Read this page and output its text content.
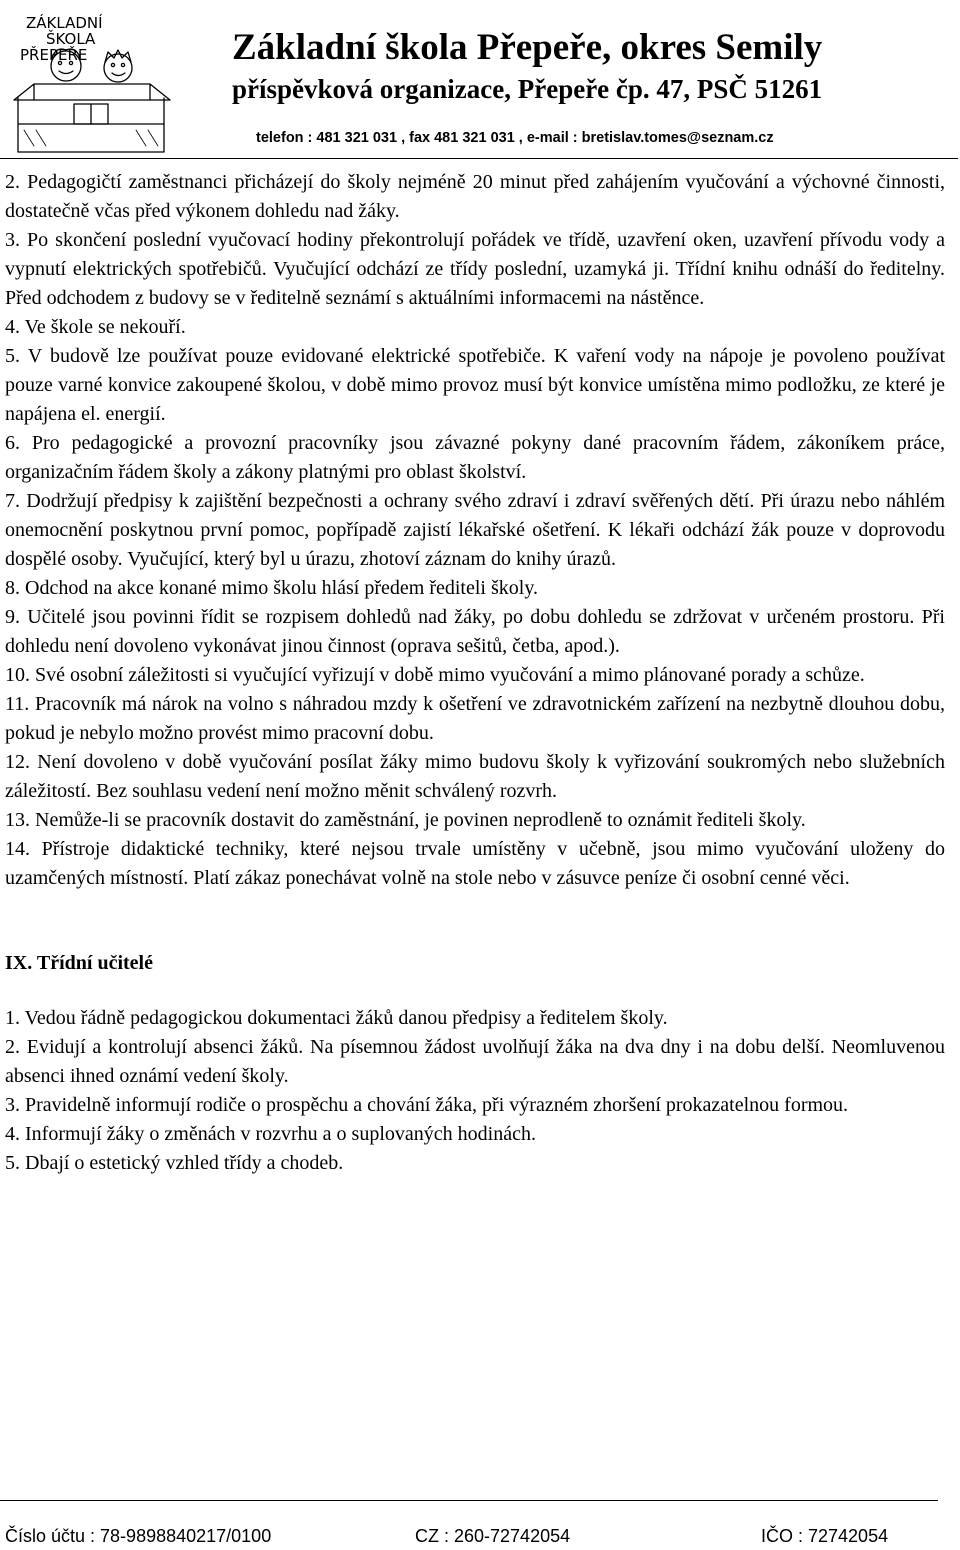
ZÁKLADNÍ
ŠKOLA
PŘEPEŘE	Základní škola Přepeře, okres Semily
příspěvková organizace, Přepeře čp. 47, PSČ 51261
telefon : 481 321 031 , fax 481 321 031 , e-mail : bretislav.tomes@seznam.cz

2. Pedagogičtí zaměstnanci přicházejí do školy nejméně 20 minut před zahájením vyučování a výchovné činnosti, dostatečně včas před výkonem dohledu nad žáky.

3. Po skončení poslední vyučovací hodiny překontrolují pořádek ve třídě, uzavření oken, uzavření přívodu vody a vypnutí elektrických spotřebičů. Vyučující odchází ze třídy poslední, uzamyká ji. Třídní knihu odnáší do ředitelny. Před odchodem z budovy se v ředitelně seznámí s aktuálními informacemi na nástěnce.

4. Ve škole se nekouří.

5. V budově lze používat pouze evidované elektrické spotřebiče. K vaření vody na nápoje je povoleno používat pouze varné konvice zakoupené školou, v době mimo provoz musí být konvice umístěna mimo podložku, ze které je napájena el. energií.

6. Pro pedagogické a provozní pracovníky jsou závazné pokyny dané pracovním řádem, zákoníkem práce, organizačním řádem školy a zákony platnými pro oblast školství.

7. Dodržují předpisy k zajištění bezpečnosti a ochrany svého zdraví i zdraví svěřených dětí. Při úrazu nebo náhlém onemocnění poskytnou první pomoc, popřípadě zajistí lékařské ošetření. K lékaři odchází žák pouze v doprovodu dospělé osoby. Vyučující, který byl u úrazu, zhotoví záznam do knihy úrazů.

8. Odchod na akce konané mimo školu hlásí předem řediteli školy.

9. Učitelé jsou povinni řídit se rozpisem dohledů nad žáky, po dobu dohledu se zdržovat v určeném prostoru. Při dohledu není dovoleno vykonávat jinou činnost (oprava sešitů, četba, apod.).

10. Své osobní záležitosti si vyučující vyřizují v době mimo vyučování a mimo plánované porady a schůze.

11. Pracovník má nárok na volno s náhradou mzdy k ošetření ve zdravotnickém zařízení na nezbytně dlouhou dobu, pokud je nebylo možno provést mimo pracovní dobu.

12. Není dovoleno v době vyučování posílat žáky mimo budovu školy k vyřizování soukromých nebo služebních záležitostí. Bez souhlasu vedení není možno měnit schválený rozvrh.

13. Nemůže-li se pracovník dostavit do zaměstnání, je povinen neprodleně to oznámit řediteli školy.

14. Přístroje didaktické techniky, které nejsou trvale umístěny v učebně, jsou mimo vyučování uloženy do uzamčených místností. Platí zákaz ponechávat volně na stole nebo v zásuvce peníze či osobní cenné věci.

IX. Třídní učitelé

1. Vedou řádně pedagogickou dokumentaci žáků danou předpisy a ředitelem školy.

2. Evidují a kontrolují absenci žáků. Na písemnou žádost uvolňují žáka na dva dny i na dobu delší. Neomluvenou absenci ihned oznámí vedení školy.

3. Pravidelně informují rodiče o prospěchu a chování žáka, při výrazném zhoršení prokazatelnou formou.

4. Informují žáky o změnách v rozvrhu a o suplovaných hodinách.

5. Dbají o estetický vzhled třídy a chodeb.

Číslo účtu : 78-9898840217/0100	CZ : 260-72742054	IČO : 72742054
